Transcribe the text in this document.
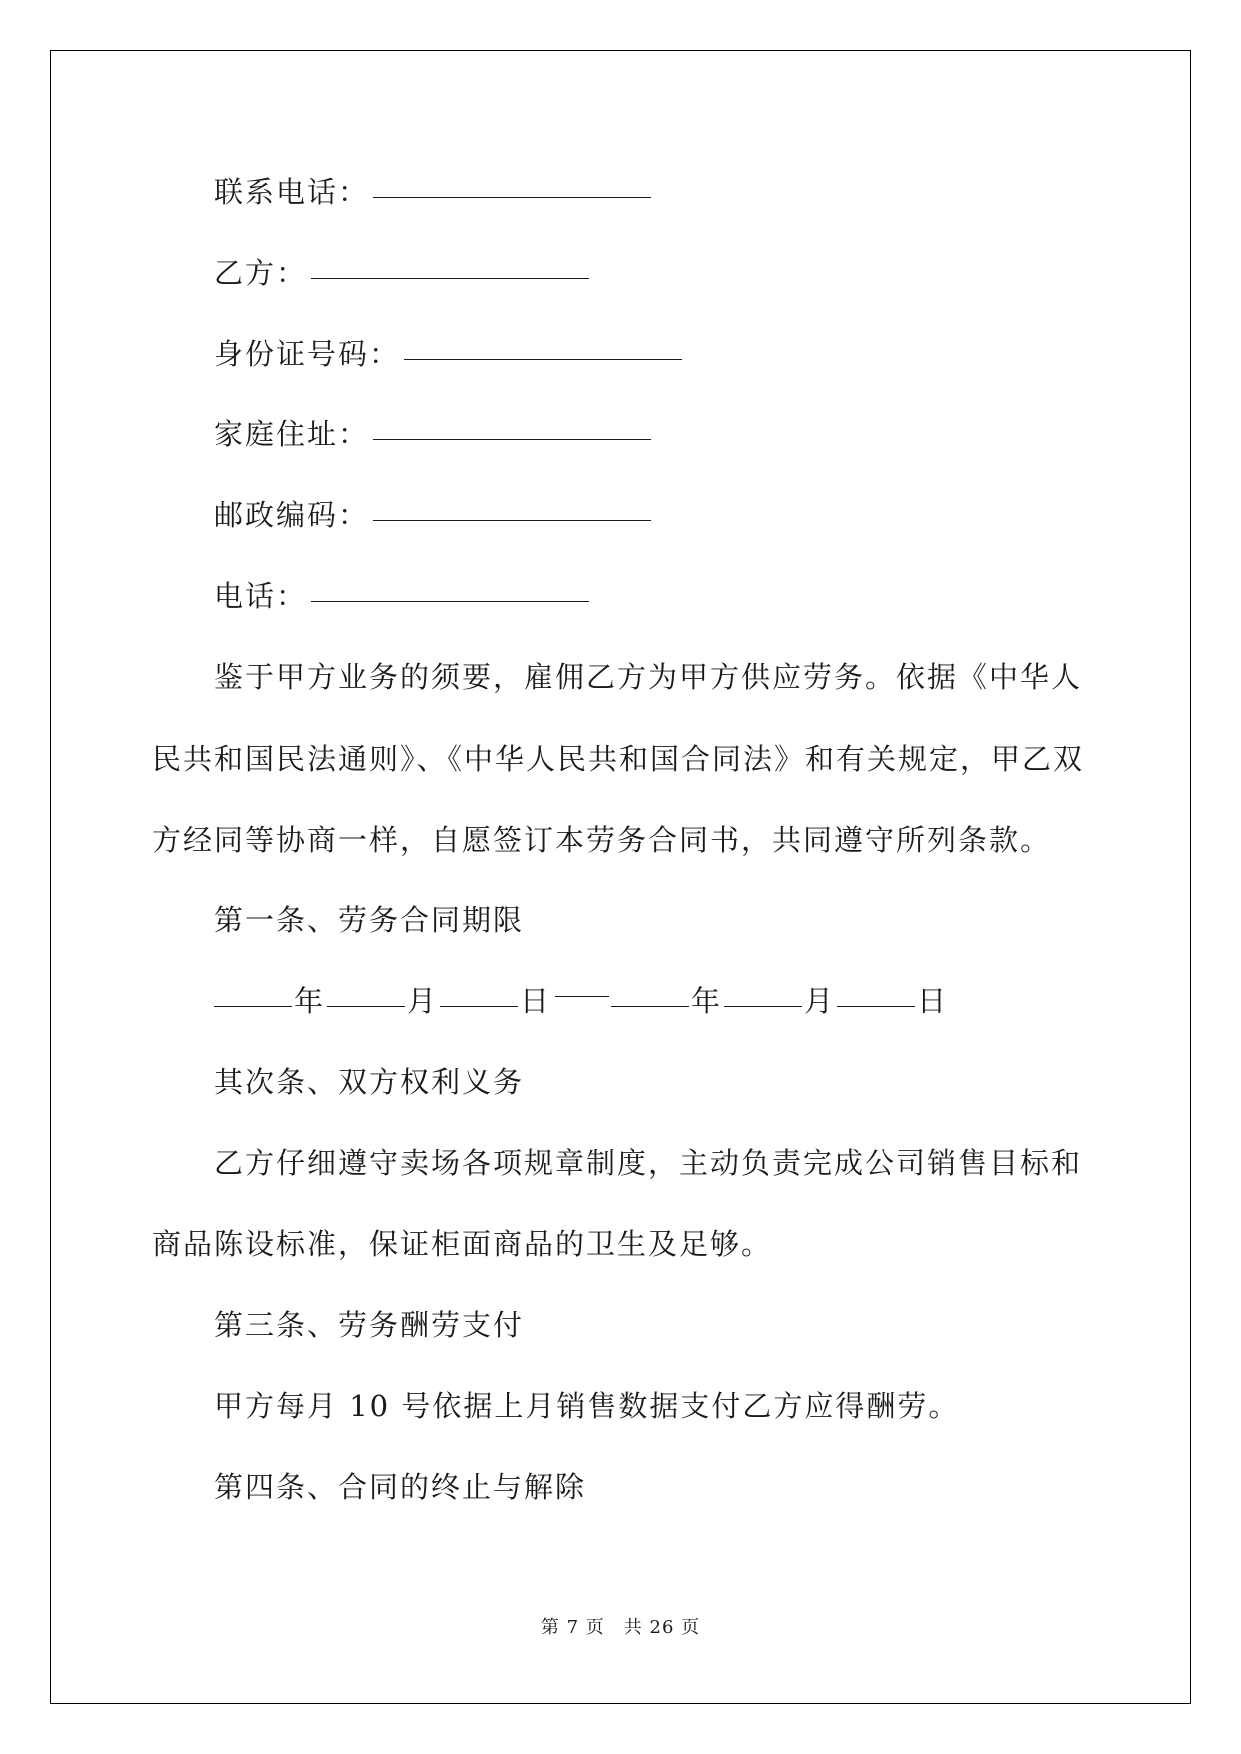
联系电话：
乙方：
身份证号码：
家庭住址：
邮政编码：
电话：
鉴于甲方业务的须要，雇佣乙方为甲方供应劳务。依据《中华人
民共和国民法通则》、《中华人民共和国合同法》和有关规定，甲乙双
方经同等协商一样，自愿签订本劳务合同书，共同遵守所列条款。
第一条、劳务合同期限
年	月	日	年	月	日
其次条、双方权利义务
乙方仔细遵守卖场各项规章制度，主动负责完成公司销售目标和
商品陈设标准，保证柜面商品的卫生及足够。
第三条、劳务酬劳支付
甲方每月 10 号依据上月销售数据支付乙方应得酬劳。
第四条、合同的终止与解除
第 7 页　共 26 页
